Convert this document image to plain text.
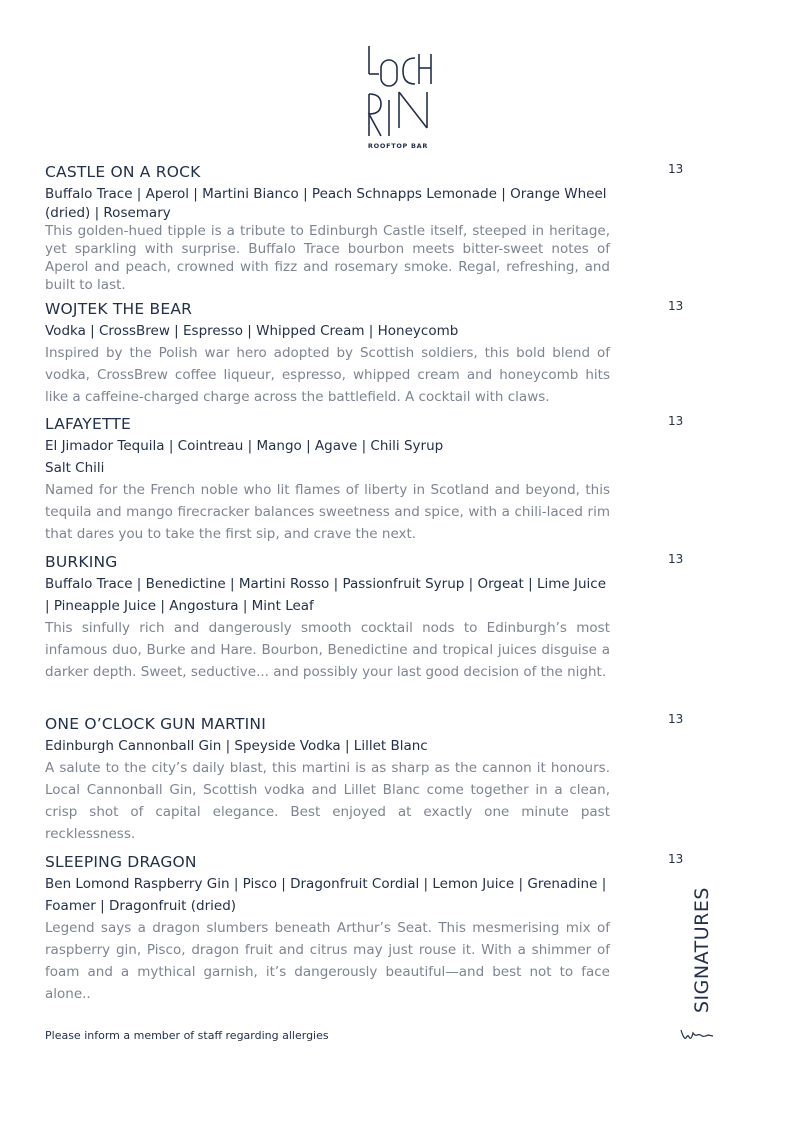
ROOFTOP BAR

CASTLE ON A ROCK

Buffalo Trace | Aperol | Martini Bianco | Peach Schnapps Lemonade | Orange Wheel (dried) | Rosemary

This golden-hued tipple is a tribute to Edinburgh Castle itself, steeped in heritage, yet sparkling with surprise. Buffalo Trace bourbon meets bitter-sweet notes of Aperol and peach, crowned with fizz and rosemary smoke. Regal, refreshing, and built to last.

13

WOJTEK THE BEAR

Vodka | CrossBrew | Espresso | Whipped Cream | Honeycomb

Inspired by the Polish war hero adopted by Scottish soldiers, this bold blend of vodka, CrossBrew coffee liqueur, espresso, whipped cream and honeycomb hits like a caffeine-charged charge across the battlefield. A cocktail with claws.

13

LAFAYETTE

El Jimador Tequila | Cointreau | Mango | Agave | Chili Syrup

Salt Chili

Named for the French noble who lit flames of liberty in Scotland and beyond, this tequila and mango firecracker balances sweetness and spice, with a chili-laced rim that dares you to take the first sip, and crave the next.

13

BURKING

Buffalo Trace | Benedictine | Martini Rosso | Passionfruit Syrup | Orgeat | Lime Juice | Pineapple Juice | Angostura | Mint Leaf

This sinfully rich and dangerously smooth cocktail nods to Edinburgh’s most infamous duo, Burke and Hare. Bourbon, Benedictine and tropical juices disguise a darker depth. Sweet, seductive... and possibly your last good decision of the night.

13

ONE O’CLOCK GUN MARTINI

Edinburgh Cannonball Gin | Speyside Vodka | Lillet Blanc

A salute to the city’s daily blast, this martini is as sharp as the cannon it honours. Local Cannonball Gin, Scottish vodka and Lillet Blanc come together in a clean, crisp shot of capital elegance. Best enjoyed at exactly one minute past recklessness.

13

SLEEPING DRAGON

Ben Lomond Raspberry Gin | Pisco | Dragonfruit Cordial | Lemon Juice | Grenadine | Foamer | Dragonfruit (dried)

Legend says a dragon slumbers beneath Arthur’s Seat. This mesmerising mix of raspberry gin, Pisco, dragon fruit and citrus may just rouse it. With a shimmer of foam and a mythical garnish, it’s dangerously beautiful—and best not to face alone..

13
Please inform a member of staff regarding allergies
SIGNATURES
